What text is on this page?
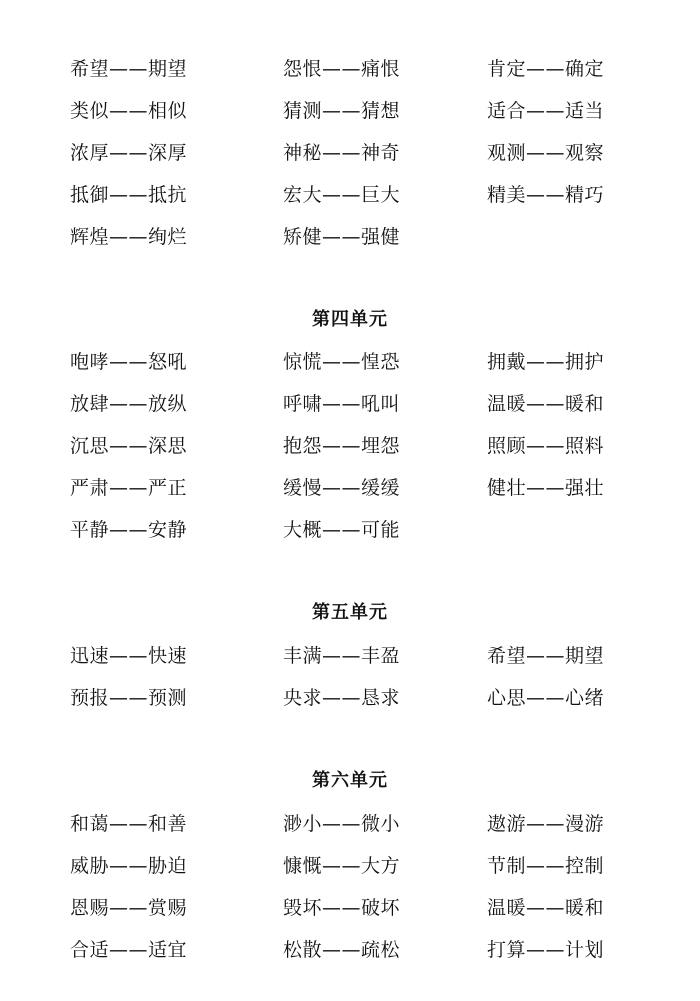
希望——期望	怨恨——痛恨	肯定——确定
类似——相似	猜测——猜想	适合——适当
浓厚——深厚	神秘——神奇	观测——观察
抵御——抵抗	宏大——巨大	精美——精巧
辉煌——绚烂	矫健——强健
第四单元
咆哮——怒吼	惊慌——惶恐	拥戴——拥护
放肆——放纵	呼啸——吼叫	温暖——暖和
沉思——深思	抱怨——埋怨	照顾——照料
严肃——严正	缓慢——缓缓	健壮——强壮
平静——安静	大概——可能
第五单元
迅速——快速	丰满——丰盈	希望——期望
预报——预测	央求——恳求	心思——心绪
第六单元
和蔼——和善	渺小——微小	遨游——漫游
威胁——胁迫	慷慨——大方	节制——控制
恩赐——赏赐	毁坏——破坏	温暖——暖和
合适——适宜	松散——疏松	打算——计划
